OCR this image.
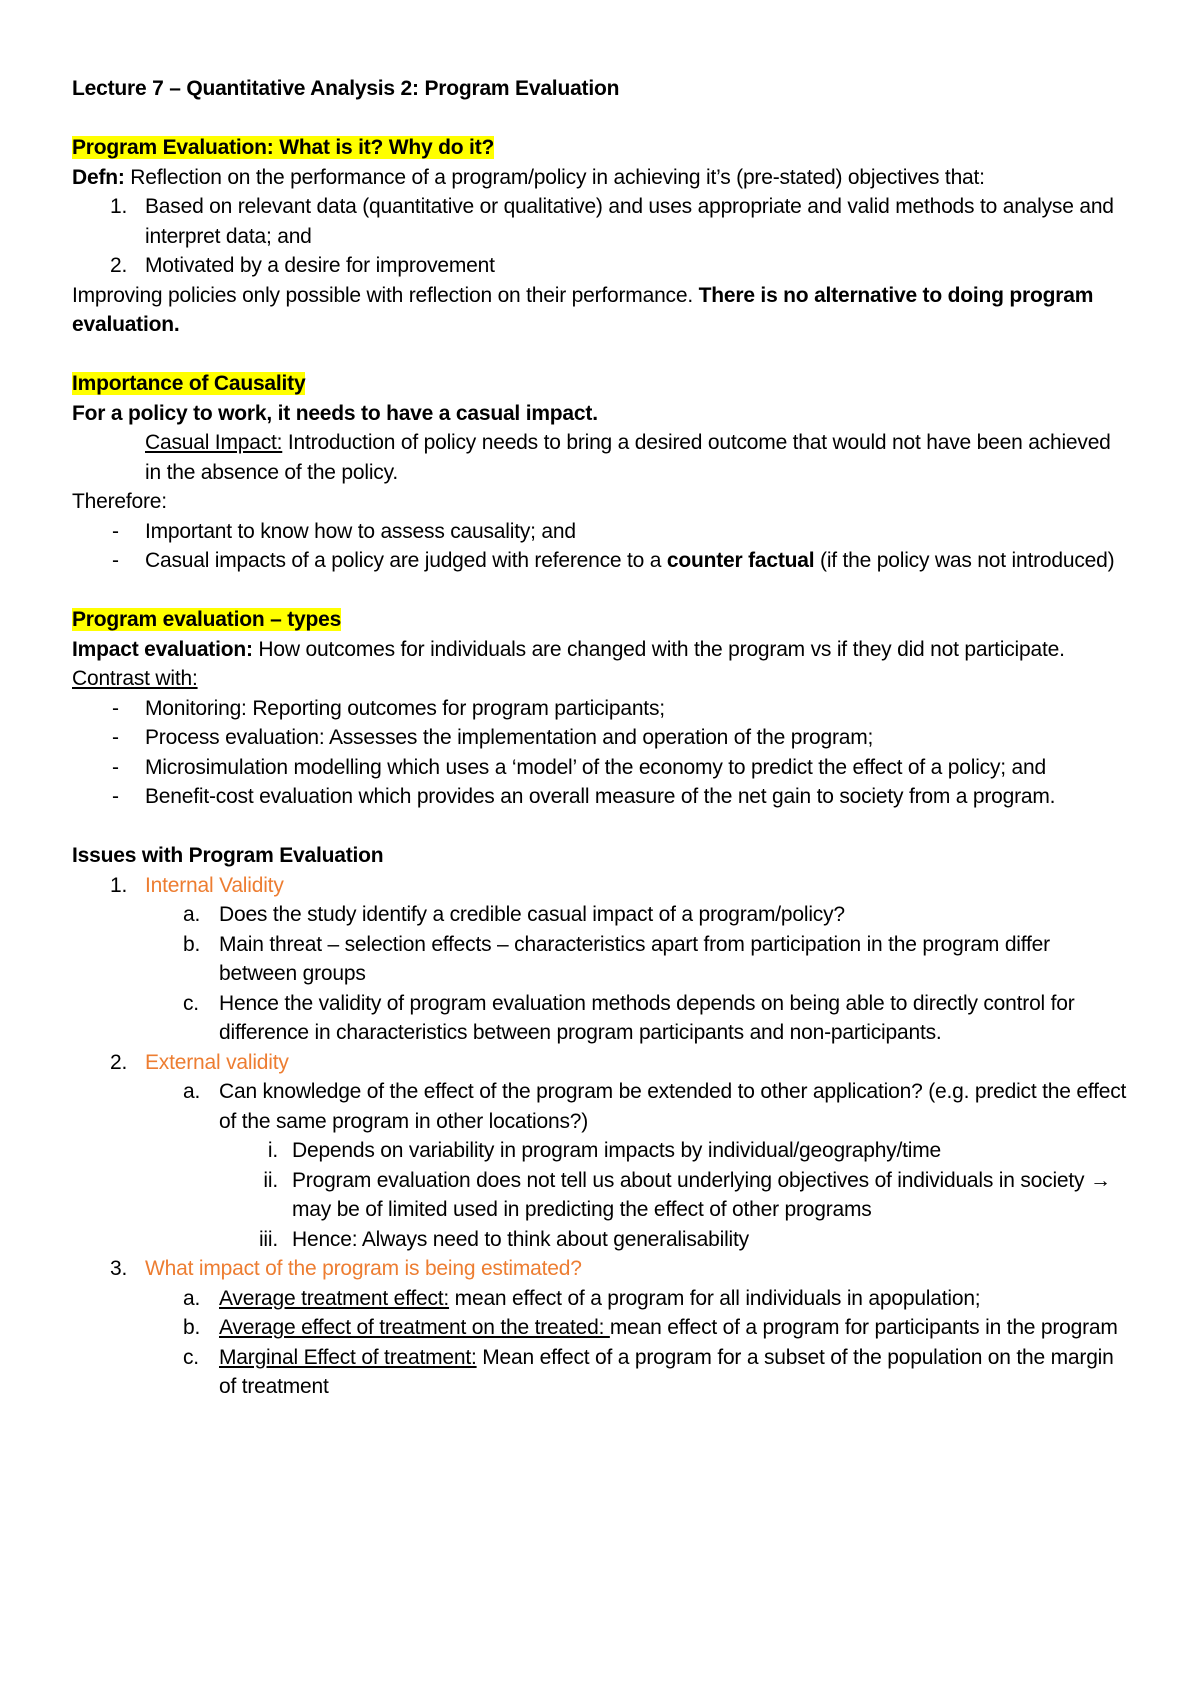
Lecture 7 – Quantitative Analysis 2: Program Evaluation

Program Evaluation: What is it? Why do it?

Defn: Reflection on the performance of a program/policy in achieving it’s (pre-stated) objectives that:

1. Based on relevant data (quantitative or qualitative) and uses appropriate and valid methods to analyse and interpret data; and
2. Motivated by a desire for improvement

Improving policies only possible with reflection on their performance. There is no alternative to doing program evaluation.

Importance of Causality

For a policy to work, it needs to have a casual impact.

Casual Impact: Introduction of policy needs to bring a desired outcome that would not have been achieved in the absence of the policy.

Therefore:

- Important to know how to assess causality; and
- Casual impacts of a policy are judged with reference to a counter factual (if the policy was not introduced)

Program evaluation – types

Impact evaluation: How outcomes for individuals are changed with the program vs if they did not participate.

Contrast with:

- Monitoring: Reporting outcomes for program participants;
- Process evaluation: Assesses the implementation and operation of the program;
- Microsimulation modelling which uses a ‘model’ of the economy to predict the effect of a policy; and
- Benefit-cost evaluation which provides an overall measure of the net gain to society from a program.

Issues with Program Evaluation

1. Internal Validity
a. Does the study identify a credible casual impact of a program/policy?
b. Main threat – selection effects – characteristics apart from participation in the program differ between groups
c. Hence the validity of program evaluation methods depends on being able to directly control for difference in characteristics between program participants and non-participants.
2. External validity
a. Can knowledge of the effect of the program be extended to other application? (e.g. predict the effect of the same program in other locations?)
i. Depends on variability in program impacts by individual/geography/time
ii. Program evaluation does not tell us about underlying objectives of individuals in society → may be of limited used in predicting the effect of other programs
iii. Hence: Always need to think about generalisability
3. What impact of the program is being estimated?
a. Average treatment effect: mean effect of a program for all individuals in apopulation;
b. Average effect of treatment on the treated: mean effect of a program for participants in the program
c. Marginal Effect of treatment: Mean effect of a program for a subset of the population on the margin of treatment
